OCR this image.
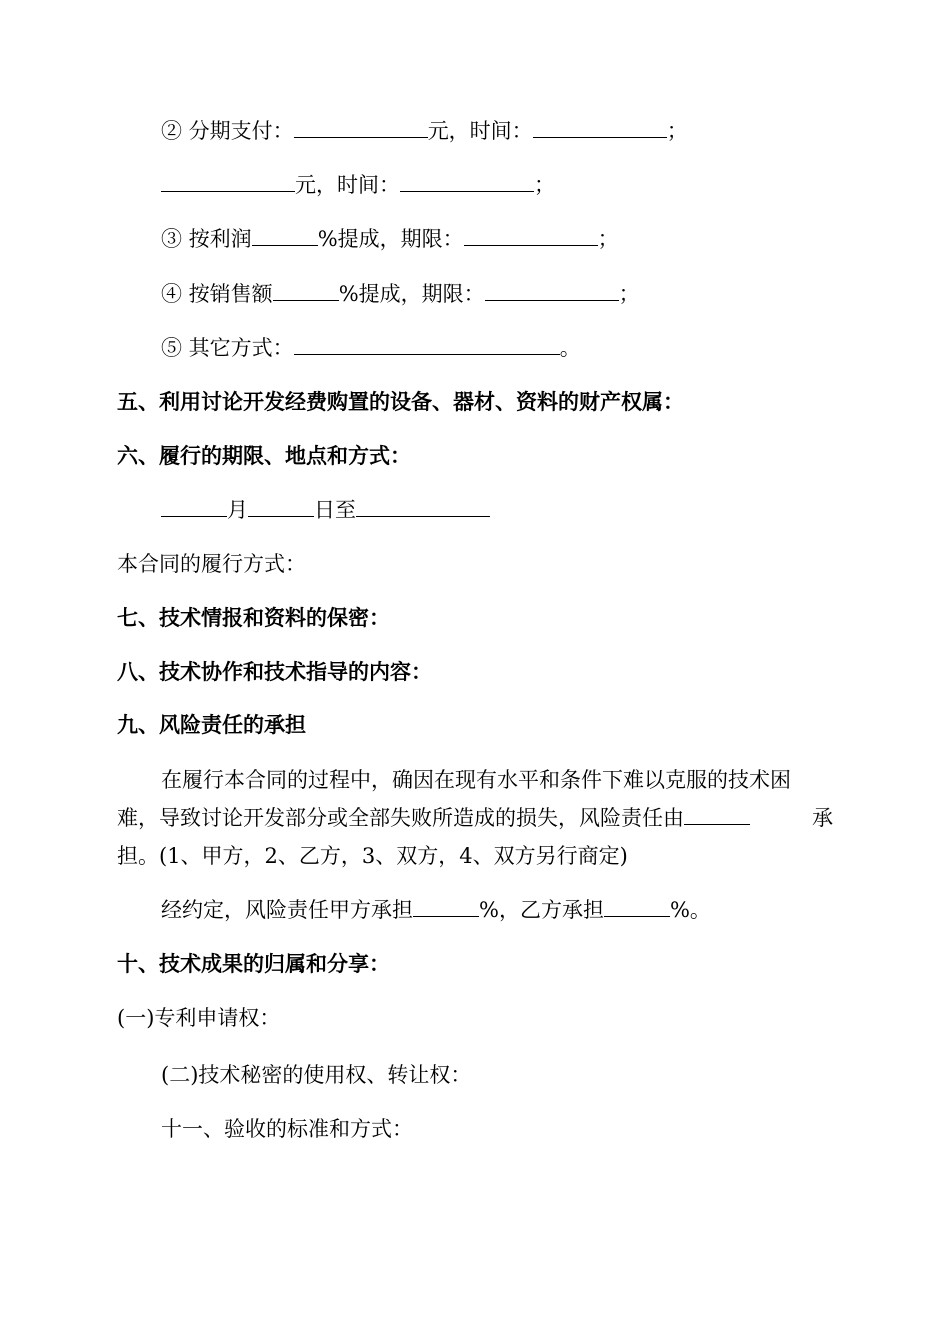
② 分期支付：	元，时间：	；
元，时间：	；
③ 按利润	%提成，期限：	；
④ 按销售额	%提成，期限：	；
⑤ 其它方式：	。
五、利用讨论开发经费购置的设备、器材、资料的财产权属：
六、履行的期限、地点和方式：
月	日至
本合同的履行方式：
七、技术情报和资料的保密：
八、技术协作和技术指导的内容：
九、风险责任的承担
在履行本合同的过程中，确因在现有水平和条件下难以克服的技术困
难，导致讨论开发部分或全部失败所造成的损失，风险责任由	承
担。(1、甲方，2、乙方，3、双方，4、双方另行商定)
经约定，风险责任甲方承担	%，乙方承担	%。
十、技术成果的归属和分享：
(一)专利申请权：
(二)技术秘密的使用权、转让权：
十一、验收的标准和方式：
